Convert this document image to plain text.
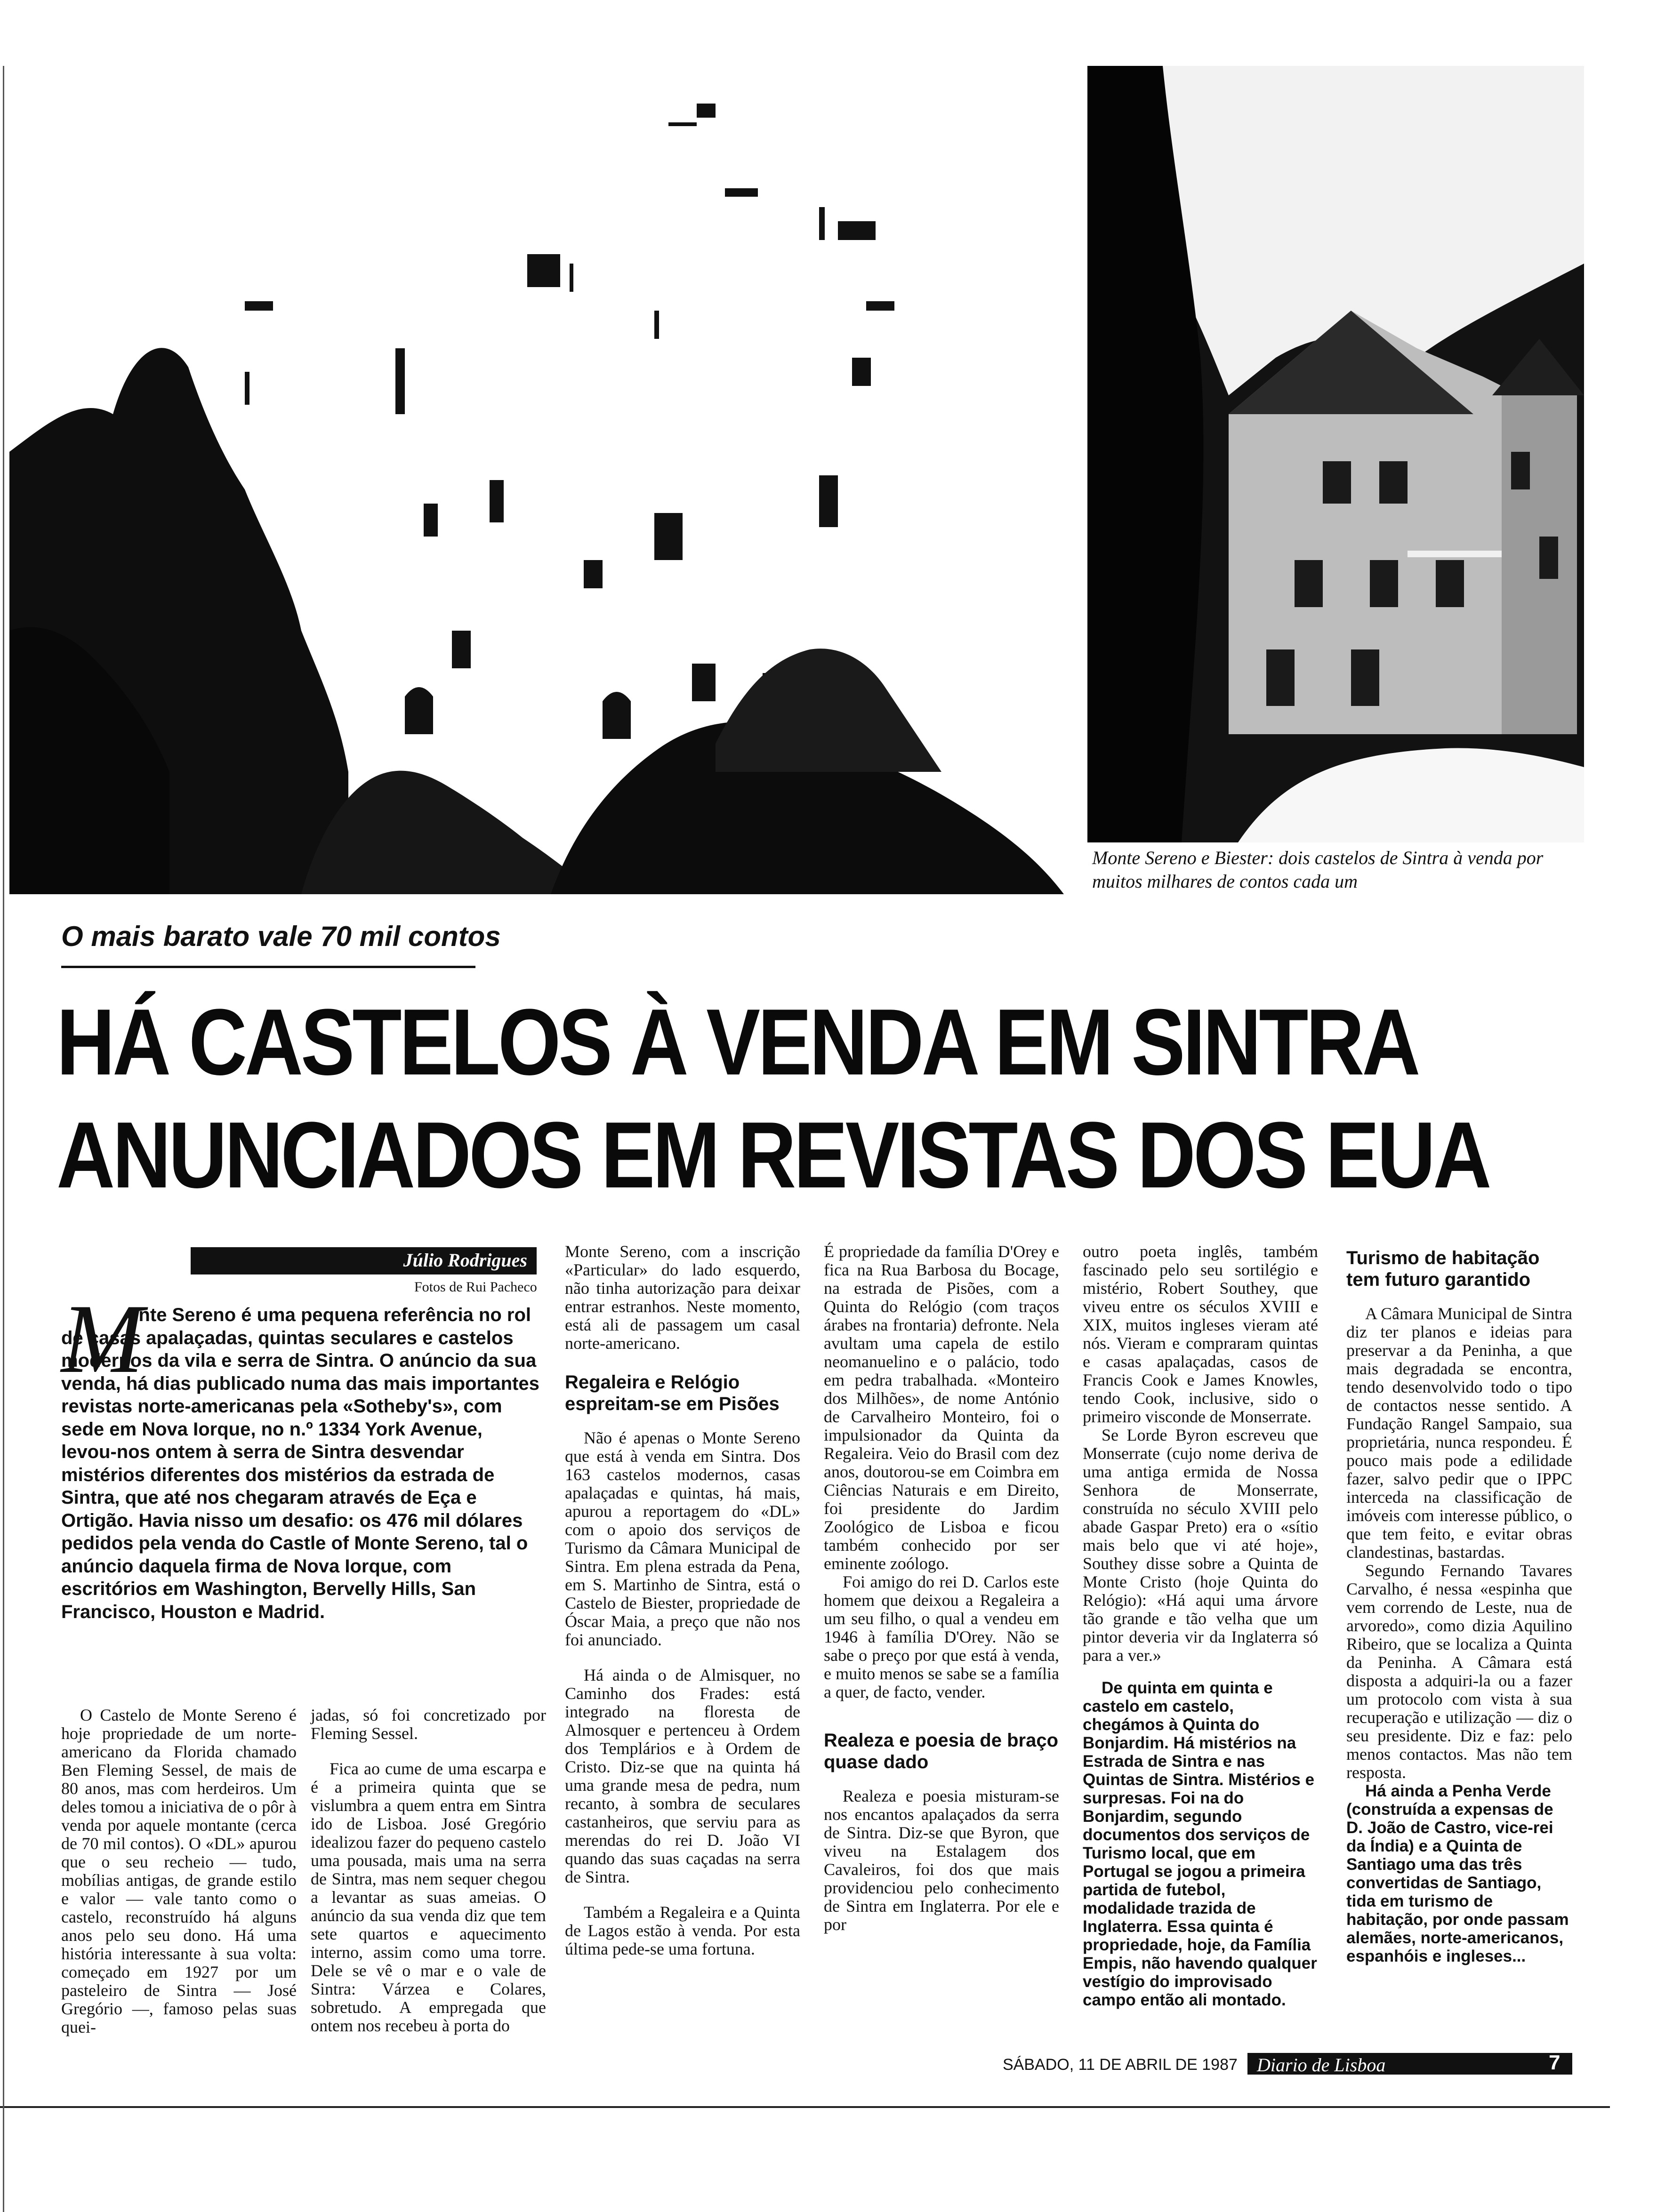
Monte Sereno e Biester: dois castelos de Sintra à venda por muitos milhares de contos cada um
O mais barato vale 70 mil contos
HÁ CASTELOS À VENDA EM SINTRA
ANUNCIADOS EM REVISTAS DOS EUA
Júlio Rodrigues
Fotos de Rui Pacheco
M
onte Sereno é uma pequena referência no rol de casas apalaçadas, quintas seculares e castelos modernos da vila e serra de Sintra. O anúncio da sua venda, há dias publicado numa das mais importantes revistas norte-americanas pela «Sotheby's», com sede em Nova Iorque, no n.º 1334 York Avenue, levou-nos ontem à serra de Sintra desvendar mistérios diferentes dos mistérios da estrada de Sintra, que até nos chegaram através de Eça e Ortigão. Havia nisso um desafio: os 476 mil dólares pedidos pela venda do Castle of Monte Sereno, tal o anúncio daquela firma de Nova Iorque, com escritórios em Washington, Bervelly Hills, San Francisco, Houston e Madrid.

O Castelo de Monte Sereno é hoje propriedade de um norte-americano da Florida chamado Ben Fleming Sessel, de mais de 80 anos, mas com herdeiros. Um deles tomou a iniciativa de o pôr à venda por aquele montante (cerca de 70 mil contos). O «DL» apurou que o seu recheio — tudo, mobílias antigas, de grande estilo e valor — vale tanto como o castelo, reconstruído há alguns anos pelo seu dono. Há uma história interessante à sua volta: começado em 1927 por um pasteleiro de Sintra — José Gregório —, famoso pelas suas quei-

jadas, só foi concretizado por Fleming Sessel.

Fica ao cume de uma escarpa e é a primeira quinta que se vislumbra a quem entra em Sintra ido de Lisboa. José Gregório idealizou fazer do pequeno castelo uma pousada, mais uma na serra de Sintra, mas nem sequer chegou a levantar as suas ameias. O anúncio da sua venda diz que tem sete quartos e aquecimento interno, assim como uma torre. Dele se vê o mar e o vale de Sintra: Várzea e Colares, sobretudo. A empregada que ontem nos recebeu à porta do

Monte Sereno, com a inscrição «Particular» do lado esquerdo, não tinha autorização para deixar entrar estranhos. Neste momento, está ali de passagem um casal norte-americano.

Regaleira e Relógio espreitam-se em Pisões

Não é apenas o Monte Sereno que está à venda em Sintra. Dos 163 castelos modernos, casas apalaçadas e quintas, há mais, apurou a reportagem do «DL» com o apoio dos serviços de Turismo da Câmara Municipal de Sintra. Em plena estrada da Pena, em S. Martinho de Sintra, está o Castelo de Biester, propriedade de Óscar Maia, a preço que não nos foi anunciado.

Há ainda o de Almisquer, no Caminho dos Frades: está integrado na floresta de Almosquer e pertenceu à Ordem dos Templários e à Ordem de Cristo. Diz-se que na quinta há uma grande mesa de pedra, num recanto, à sombra de seculares castanheiros, que serviu para as merendas do rei D. João VI quando das suas caçadas na serra de Sintra.

Também a Regaleira e a Quinta de Lagos estão à venda. Por esta última pede-se uma fortuna.

É propriedade da família D'Orey e fica na Rua Barbosa du Bocage, na estrada de Pisões, com a Quinta do Relógio (com traços árabes na frontaria) defronte. Nela avultam uma capela de estilo neomanuelino e o palácio, todo em pedra trabalhada. «Monteiro dos Milhões», de nome António de Carvalheiro Monteiro, foi o impulsionador da Quinta da Regaleira. Veio do Brasil com dez anos, doutorou-se em Coimbra em Ciências Naturais e em Direito, foi presidente do Jardim Zoológico de Lisboa e ficou também conhecido por ser eminente zoólogo.

Foi amigo do rei D. Carlos este homem que deixou a Regaleira a um seu filho, o qual a vendeu em 1946 à família D'Orey. Não se sabe o preço por que está à venda, e muito menos se sabe se a família a quer, de facto, vender.

Realeza e poesia de braço quase dado

Realeza e poesia misturam-se nos encantos apalaçados da serra de Sintra. Diz-se que Byron, que viveu na Estalagem dos Cavaleiros, foi dos que mais providenciou pelo conhecimento de Sintra em Inglaterra. Por ele e por

outro poeta inglês, também fascinado pelo seu sortilégio e mistério, Robert Southey, que viveu entre os séculos XVIII e XIX, muitos ingleses vieram até nós. Vieram e compraram quintas e casas apalaçadas, casos de Francis Cook e James Knowles, tendo Cook, inclusive, sido o primeiro visconde de Monserrate.

Se Lorde Byron escreveu que Monserrate (cujo nome deriva de uma antiga ermida de Nossa Senhora de Monserrate, construída no século XVIII pelo abade Gaspar Preto) era o «sítio mais belo que vi até hoje», Southey disse sobre a Quinta de Monte Cristo (hoje Quinta do Relógio): «Há aqui uma árvore tão grande e tão velha que um pintor deveria vir da Inglaterra só para a ver.»

De quinta em quinta e castelo em castelo, chegámos à Quinta do Bonjardim. Há mistérios na Estrada de Sintra e nas Quintas de Sintra. Mistérios e surpresas. Foi na do Bonjardim, segundo documentos dos serviços de Turismo local, que em Portugal se jogou a primeira partida de futebol, modalidade trazida de Inglaterra. Essa quinta é propriedade, hoje, da Família Empis, não havendo qualquer vestígio do improvisado campo então ali montado.

Turismo de habitação tem futuro garantido

A Câmara Municipal de Sintra diz ter planos e ideias para preservar a da Peninha, a que mais degradada se encontra, tendo desenvolvido todo o tipo de contactos nesse sentido. A Fundação Rangel Sampaio, sua proprietária, nunca respondeu. É pouco mais pode a edilidade fazer, salvo pedir que o IPPC interceda na classificação de imóveis com interesse público, o que tem feito, e evitar obras clandestinas, bastardas.

Segundo Fernando Tavares Carvalho, é nessa «espinha que vem correndo de Leste, nua de arvoredo», como dizia Aquilino Ribeiro, que se localiza a Quinta da Peninha. A Câmara está disposta a adquiri-la ou a fazer um protocolo com vista à sua recuperação e utilização — diz o seu presidente. Diz e faz: pelo menos contactos. Mas não tem resposta.

Há ainda a Penha Verde (construída a expensas de D. João de Castro, vice-rei da Índia) e a Quinta de Santiago uma das três convertidas de Santiago, tida em turismo de habitação, por onde passam alemães, norte-americanos, espanhóis e ingleses...

SÁBADO, 11 DE ABRIL DE 1987 Diario de Lisboa	7
